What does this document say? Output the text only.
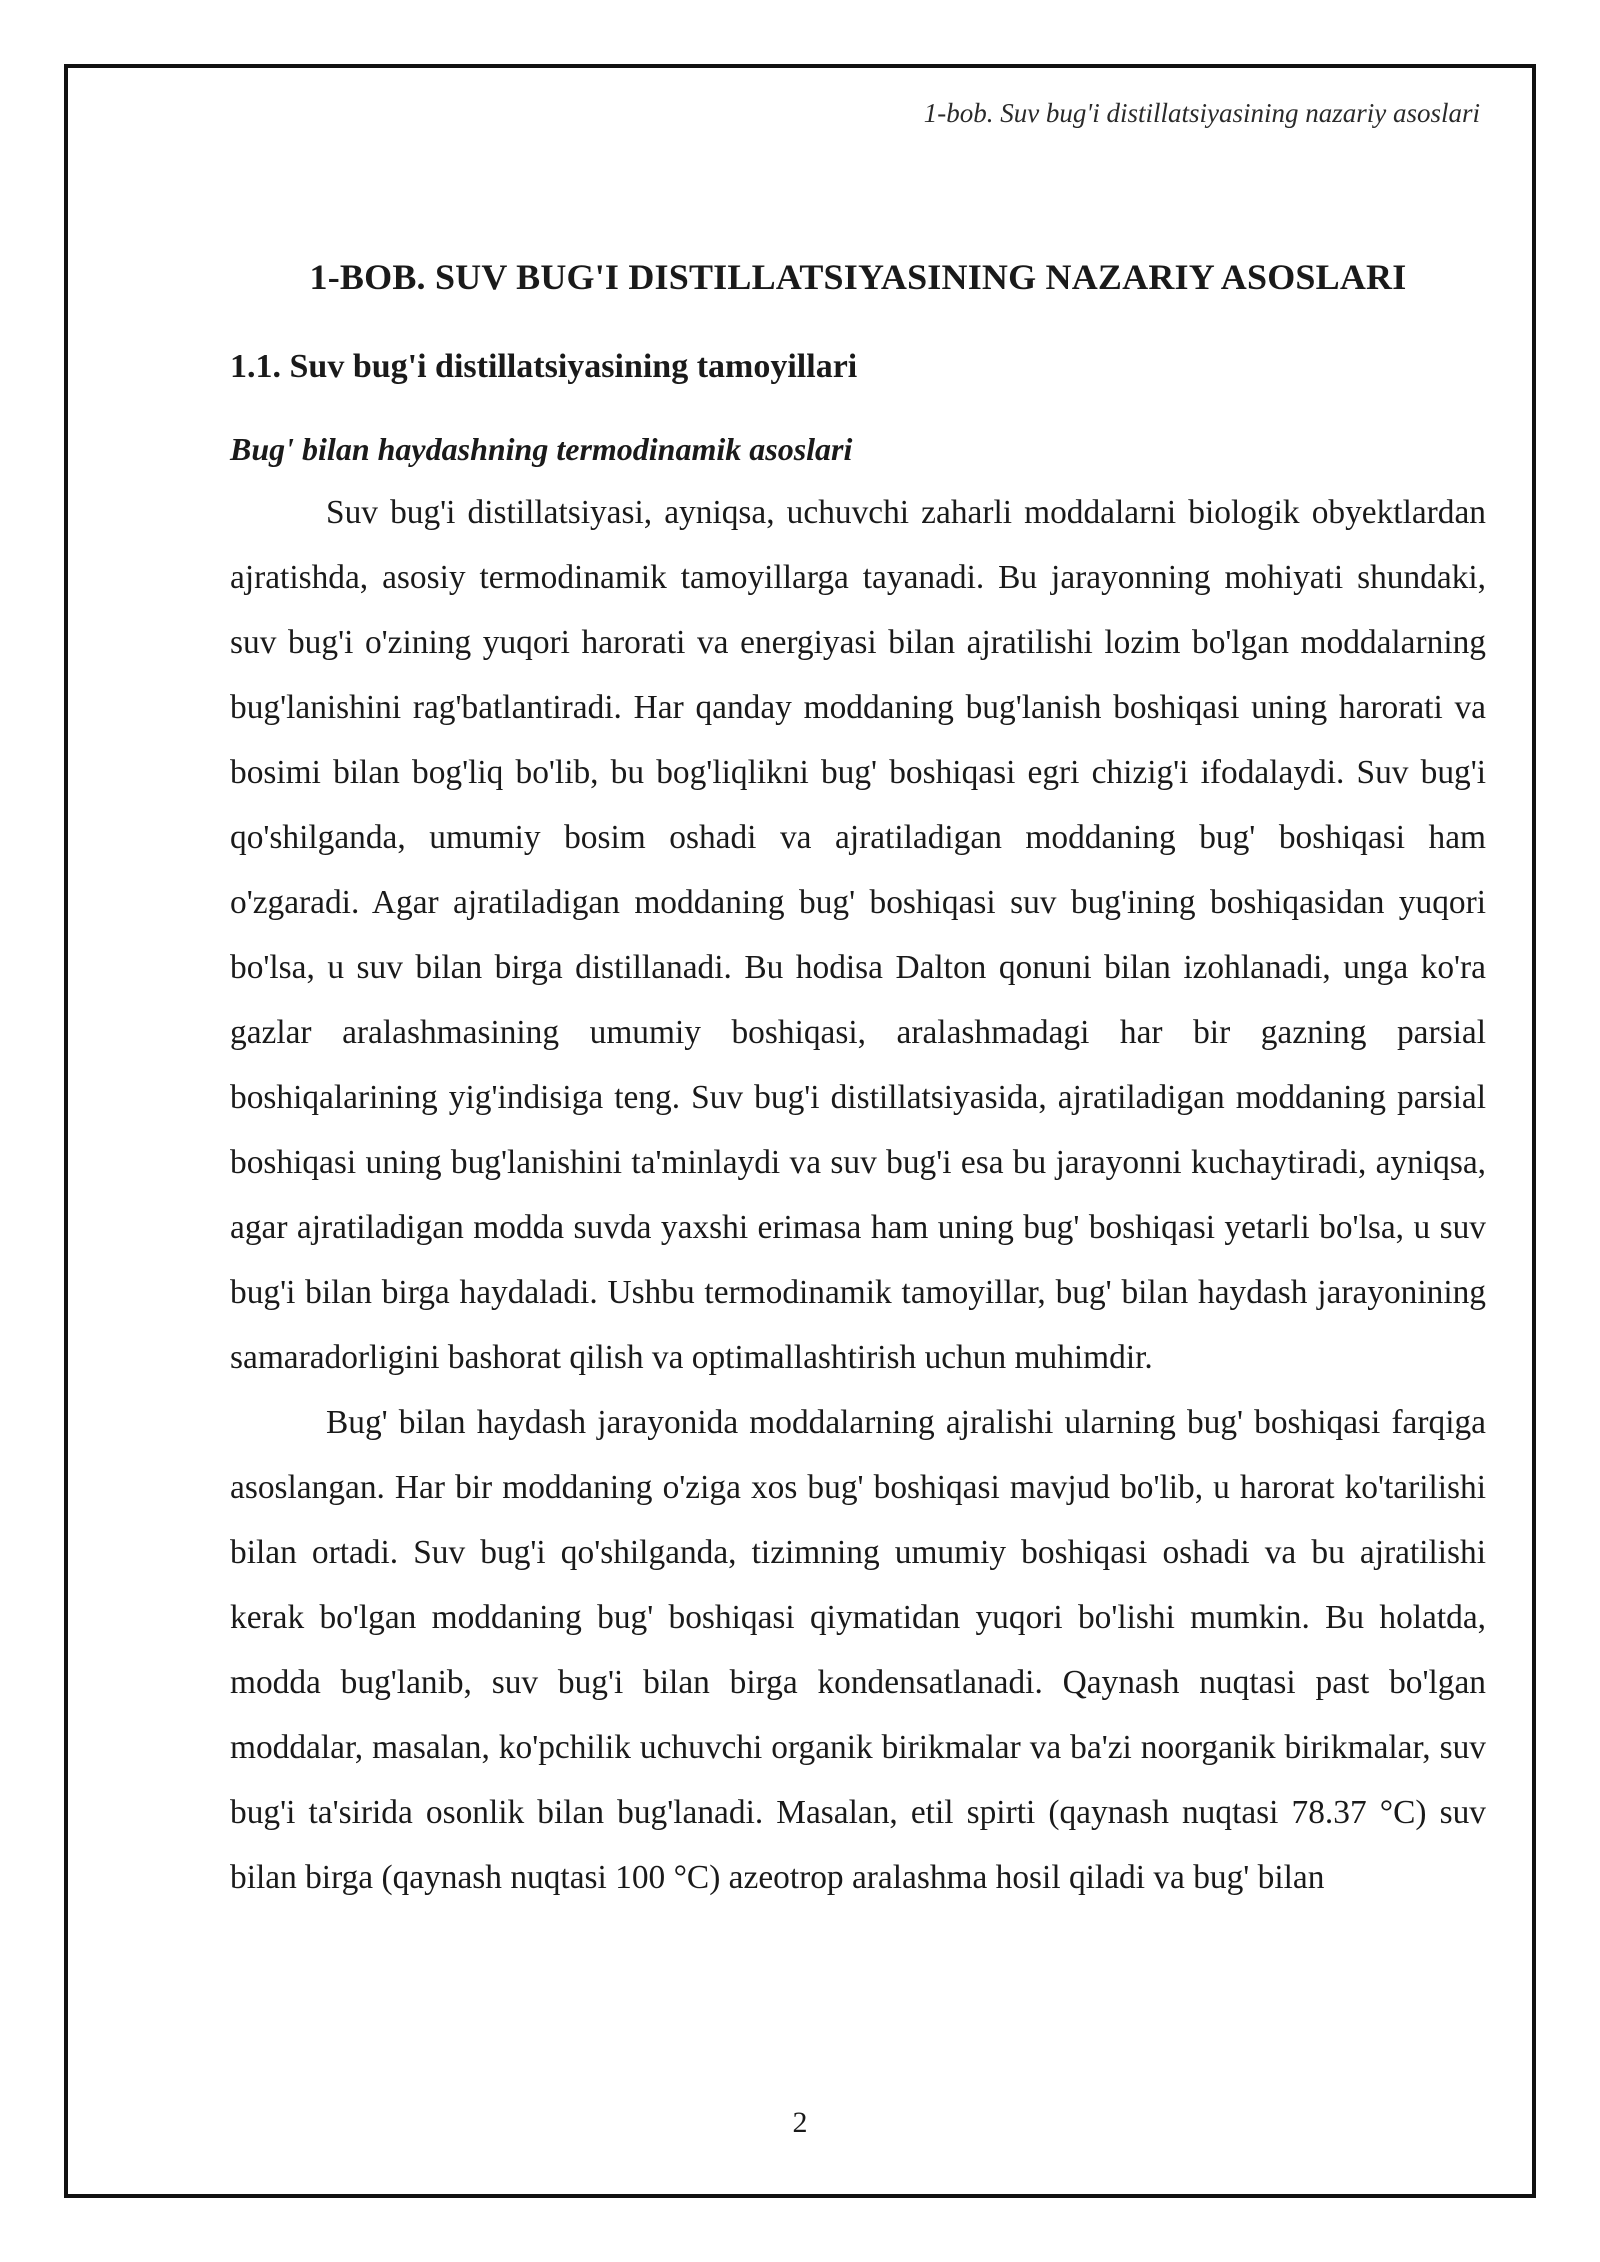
1-bob. Suv bug'i distillatsiyasining nazariy asoslari
1-BOB. SUV BUG'I DISTILLATSIYASINING NAZARIY ASOSLARI
1.1. Suv bug'i distillatsiyasining tamoyillari
Bug' bilan haydashning termodinamik asoslari

Suv bug'i distillatsiyasi, ayniqsa, uchuvchi zaharli moddalarni biologik obyektlardan ajratishda, asosiy termodinamik tamoyillarga tayanadi. Bu jarayonning mohiyati shundaki, suv bug'i o'zining yuqori harorati va energiyasi bilan ajratilishi lozim bo'lgan moddalarning bug'lanishini rag'batlantiradi. Har qanday moddaning bug'lanish boshiqasi uning harorati va bosimi bilan bog'liq bo'lib, bu bog'liqlikni bug' boshiqasi egri chizig'i ifodalaydi. Suv bug'i qo'shilganda, umumiy bosim oshadi va ajratiladigan moddaning bug' boshiqasi ham o'zgaradi. Agar ajratiladigan moddaning bug' boshiqasi suv bug'ining boshiqasidan yuqori bo'lsa, u suv bilan birga distillanadi. Bu hodisa Dalton qonuni bilan izohlanadi, unga ko'ra gazlar aralashmasining umumiy boshiqasi, aralashmadagi har bir gazning parsial boshiqalarining yig'indisiga teng. Suv bug'i distillatsiyasida, ajratiladigan moddaning parsial boshiqasi uning bug'lanishini ta'minlaydi va suv bug'i esa bu jarayonni kuchaytiradi, ayniqsa, agar ajratiladigan modda suvda yaxshi erimasa ham uning bug' boshiqasi yetarli bo'lsa, u suv bug'i bilan birga haydaladi. Ushbu termodinamik tamoyillar, bug' bilan haydash jarayonining samaradorligini bashorat qilish va optimallashtirish uchun muhimdir.

Bug' bilan haydash jarayonida moddalarning ajralishi ularning bug' boshiqasi farqiga asoslangan. Har bir moddaning o'ziga xos bug' boshiqasi mavjud bo'lib, u harorat ko'tarilishi bilan ortadi. Suv bug'i qo'shilganda, tizimning umumiy boshiqasi oshadi va bu ajratilishi kerak bo'lgan moddaning bug' boshiqasi qiymatidan yuqori bo'lishi mumkin. Bu holatda, modda bug'lanib, suv bug'i bilan birga kondensatlanadi. Qaynash nuqtasi past bo'lgan moddalar, masalan, ko'pchilik uchuvchi organik birikmalar va ba'zi noorganik birikmalar, suv bug'i ta'sirida osonlik bilan bug'lanadi. Masalan, etil spirti (qaynash nuqtasi 78.37 °C) suv bilan birga (qaynash nuqtasi 100 °C) azeotrop aralashma hosil qiladi va bug' bilan

2
